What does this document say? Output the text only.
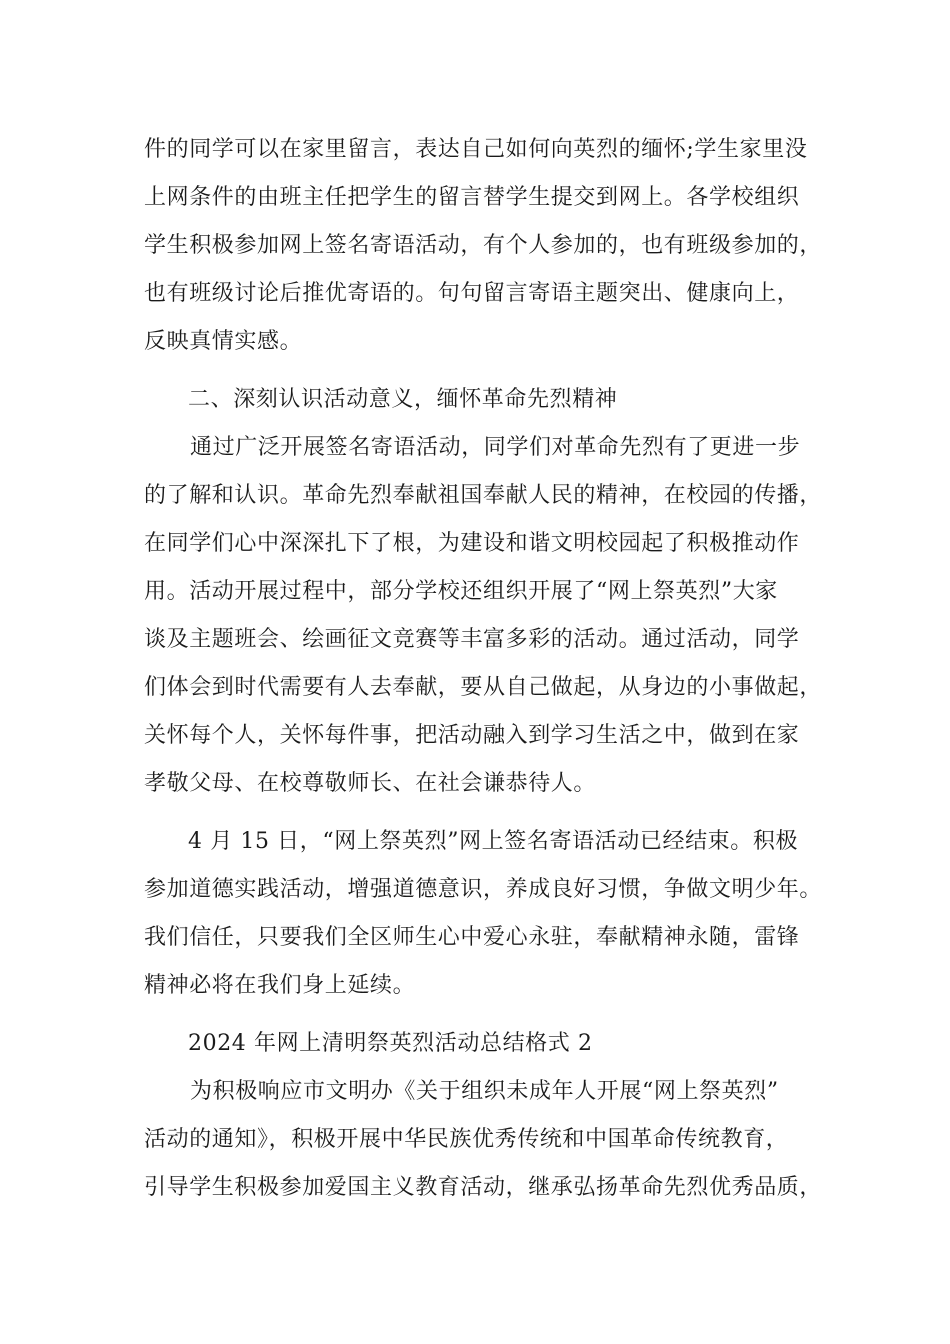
件的同学可以在家里留言，表达自己如何向英烈的缅怀;学生家里没
上网条件的由班主任把学生的留言替学生提交到网上。各学校组织
学生积极参加网上签名寄语活动，有个人参加的，也有班级参加的，
也有班级讨论后推优寄语的。句句留言寄语主题突出、健康向上，
反映真情实感。
二、深刻认识活动意义，缅怀革命先烈精神
通过广泛开展签名寄语活动，同学们对革命先烈有了更进一步
的了解和认识。革命先烈奉献祖国奉献人民的精神，在校园的传播，
在同学们心中深深扎下了根，为建设和谐文明校园起了积极推动作
用。活动开展过程中，部分学校还组织开展了“网上祭英烈”大家
谈及主题班会、绘画征文竞赛等丰富多彩的活动。通过活动，同学
们体会到时代需要有人去奉献，要从自己做起，从身边的小事做起，
关怀每个人，关怀每件事，把活动融入到学习生活之中，做到在家
孝敬父母、在校尊敬师长、在社会谦恭待人。
4 月 15 日，“网上祭英烈”网上签名寄语活动已经结束。积极
参加道德实践活动，增强道德意识，养成良好习惯，争做文明少年。
我们信任，只要我们全区师生心中爱心永驻，奉献精神永随，雷锋
精神必将在我们身上延续。
2024 年网上清明祭英烈活动总结格式 2
为积极响应市文明办《关于组织未成年人开展“网上祭英烈”
活动的通知》，积极开展中华民族优秀传统和中国革命传统教育，
引导学生积极参加爱国主义教育活动，继承弘扬革命先烈优秀品质，
